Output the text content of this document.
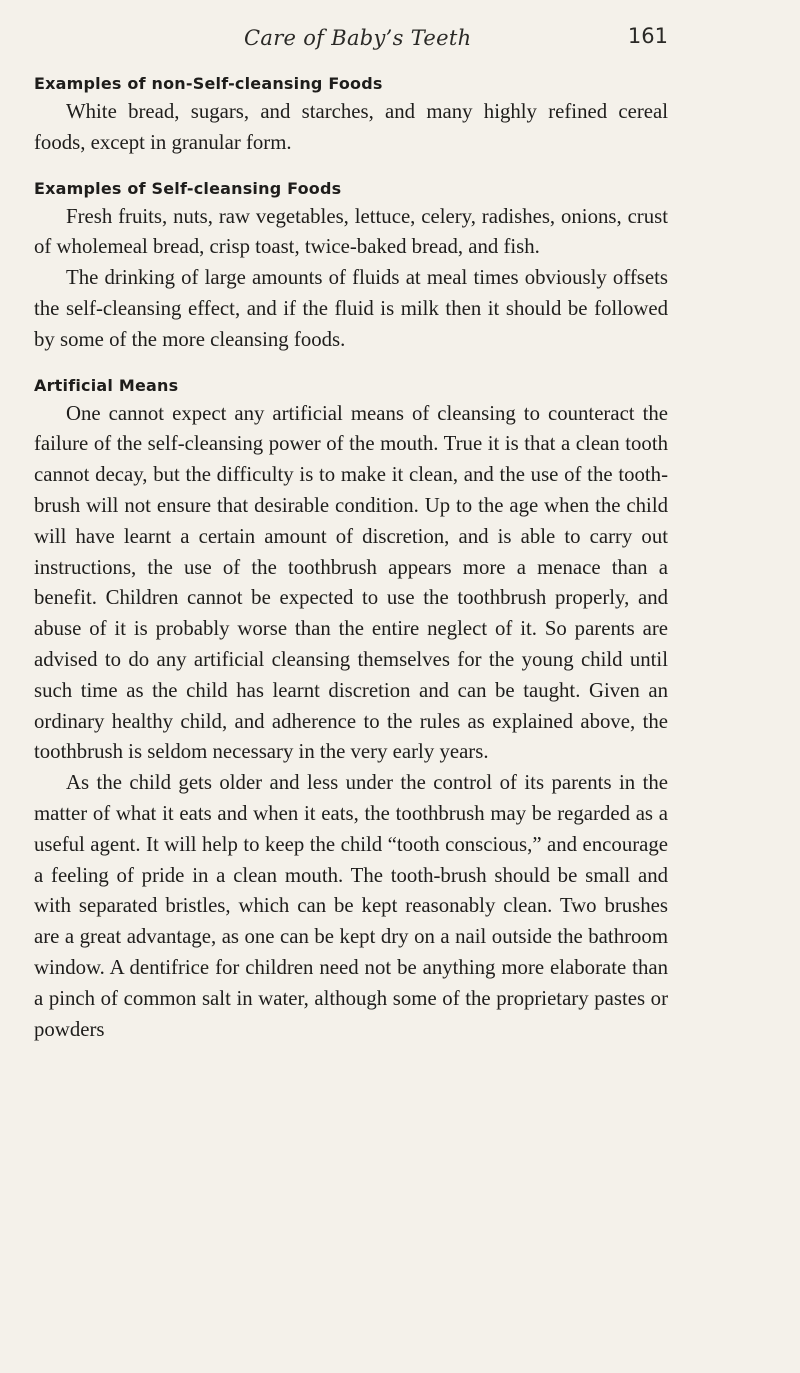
Care of Baby’s Teeth	161
Examples of non-Self-cleansing Foods

White bread, sugars, and starches, and many highly refined cereal foods, except in granular form.

Examples of Self-cleansing Foods

Fresh fruits, nuts, raw vegetables, lettuce, celery, radishes, onions, crust of wholemeal bread, crisp toast, twice-baked bread, and fish.

The drinking of large amounts of fluids at meal times obviously offsets the self-cleansing effect, and if the fluid is milk then it should be followed by some of the more cleansing foods.

Artificial Means

One cannot expect any artificial means of cleansing to counteract the failure of the self-cleansing power of the mouth. True it is that a clean tooth cannot decay, but the difficulty is to make it clean, and the use of the tooth-brush will not ensure that desirable condition. Up to the age when the child will have learnt a certain amount of discretion, and is able to carry out instructions, the use of the toothbrush appears more a menace than a benefit. Children cannot be expected to use the toothbrush properly, and abuse of it is probably worse than the entire neglect of it. So parents are advised to do any artificial cleansing themselves for the young child until such time as the child has learnt discretion and can be taught. Given an ordinary healthy child, and adherence to the rules as explained above, the toothbrush is seldom necessary in the very early years.

As the child gets older and less under the control of its parents in the matter of what it eats and when it eats, the toothbrush may be regarded as a useful agent. It will help to keep the child “tooth conscious,” and encourage a feeling of pride in a clean mouth. The tooth-brush should be small and with separated bristles, which can be kept reasonably clean. Two brushes are a great advantage, as one can be kept dry on a nail outside the bathroom window. A dentifrice for children need not be anything more elaborate than a pinch of common salt in water, although some of the proprietary pastes or powders
